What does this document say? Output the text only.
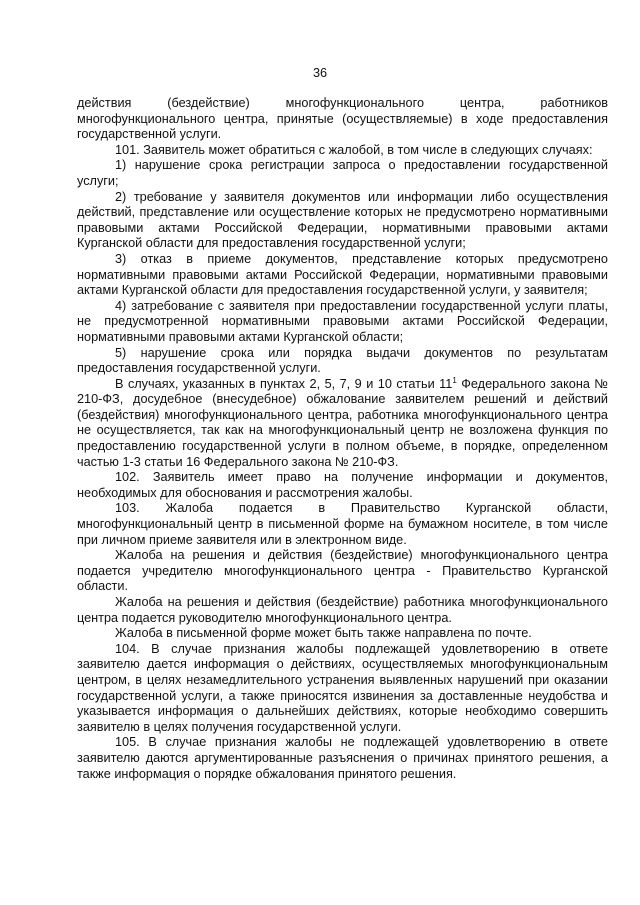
36

действия (бездействие) многофункционального центра, работников многофункционального центра, принятые (осуществляемые) в ходе предоставления государственной услуги.

101. Заявитель может обратиться с жалобой, в том числе в следующих случаях:

1) нарушение срока регистрации запроса о предоставлении государственной услуги;

2) требование у заявителя документов или информации либо осуществления действий, представление или осуществление которых не предусмотрено нормативными правовыми актами Российской Федерации, нормативными правовыми актами Курганской области для предоставления государственной услуги;

3) отказ в приеме документов, представление которых предусмотрено нормативными правовыми актами Российской Федерации, нормативными правовыми актами Курганской области для предоставления государственной услуги, у заявителя;

4) затребование с заявителя при предоставлении государственной услуги платы, не предусмотренной нормативными правовыми актами Российской Федерации, нормативными правовыми актами Курганской области;

5) нарушение срока или порядка выдачи документов по результатам предоставления государственной услуги.

В случаях, указанных в пунктах 2, 5, 7, 9 и 10 статьи $11^1$ Федерального закона № 210-ФЗ, досудебное (внесудебное) обжалование заявителем решений и действий (бездействия) многофункционального центра, работника многофункционального центра не осуществляется, так как на многофункциональный центр не возложена функция по предоставлению государственной услуги в полном объеме, в порядке, определенном частью 1-3 статьи 16 Федерального закона № 210-ФЗ.

102. Заявитель имеет право на получение информации и документов, необходимых для обоснования и рассмотрения жалобы.

103. Жалоба подается в Правительство Курганской области, многофункциональный центр в письменной форме на бумажном носителе, в том числе при личном приеме заявителя или в электронном виде.

Жалоба на решения и действия (бездействие) многофункционального центра подается учредителю многофункционального центра - Правительство Курганской области.

Жалоба на решения и действия (бездействие) работника многофункционального центра подается руководителю многофункционального центра.

Жалоба в письменной форме может быть также направлена по почте.

104. В случае признания жалобы подлежащей удовлетворению в ответе заявителю дается информация о действиях, осуществляемых многофункциональным центром, в целях незамедлительного устранения выявленных нарушений при оказании государственной услуги, а также приносятся извинения за доставленные неудобства и указывается информация о дальнейших действиях, которые необходимо совершить заявителю в целях получения государственной услуги.

105. В случае признания жалобы не подлежащей удовлетворению в ответе заявителю даются аргументированные разъяснения о причинах принятого решения, а также информация о порядке обжалования принятого решения.
